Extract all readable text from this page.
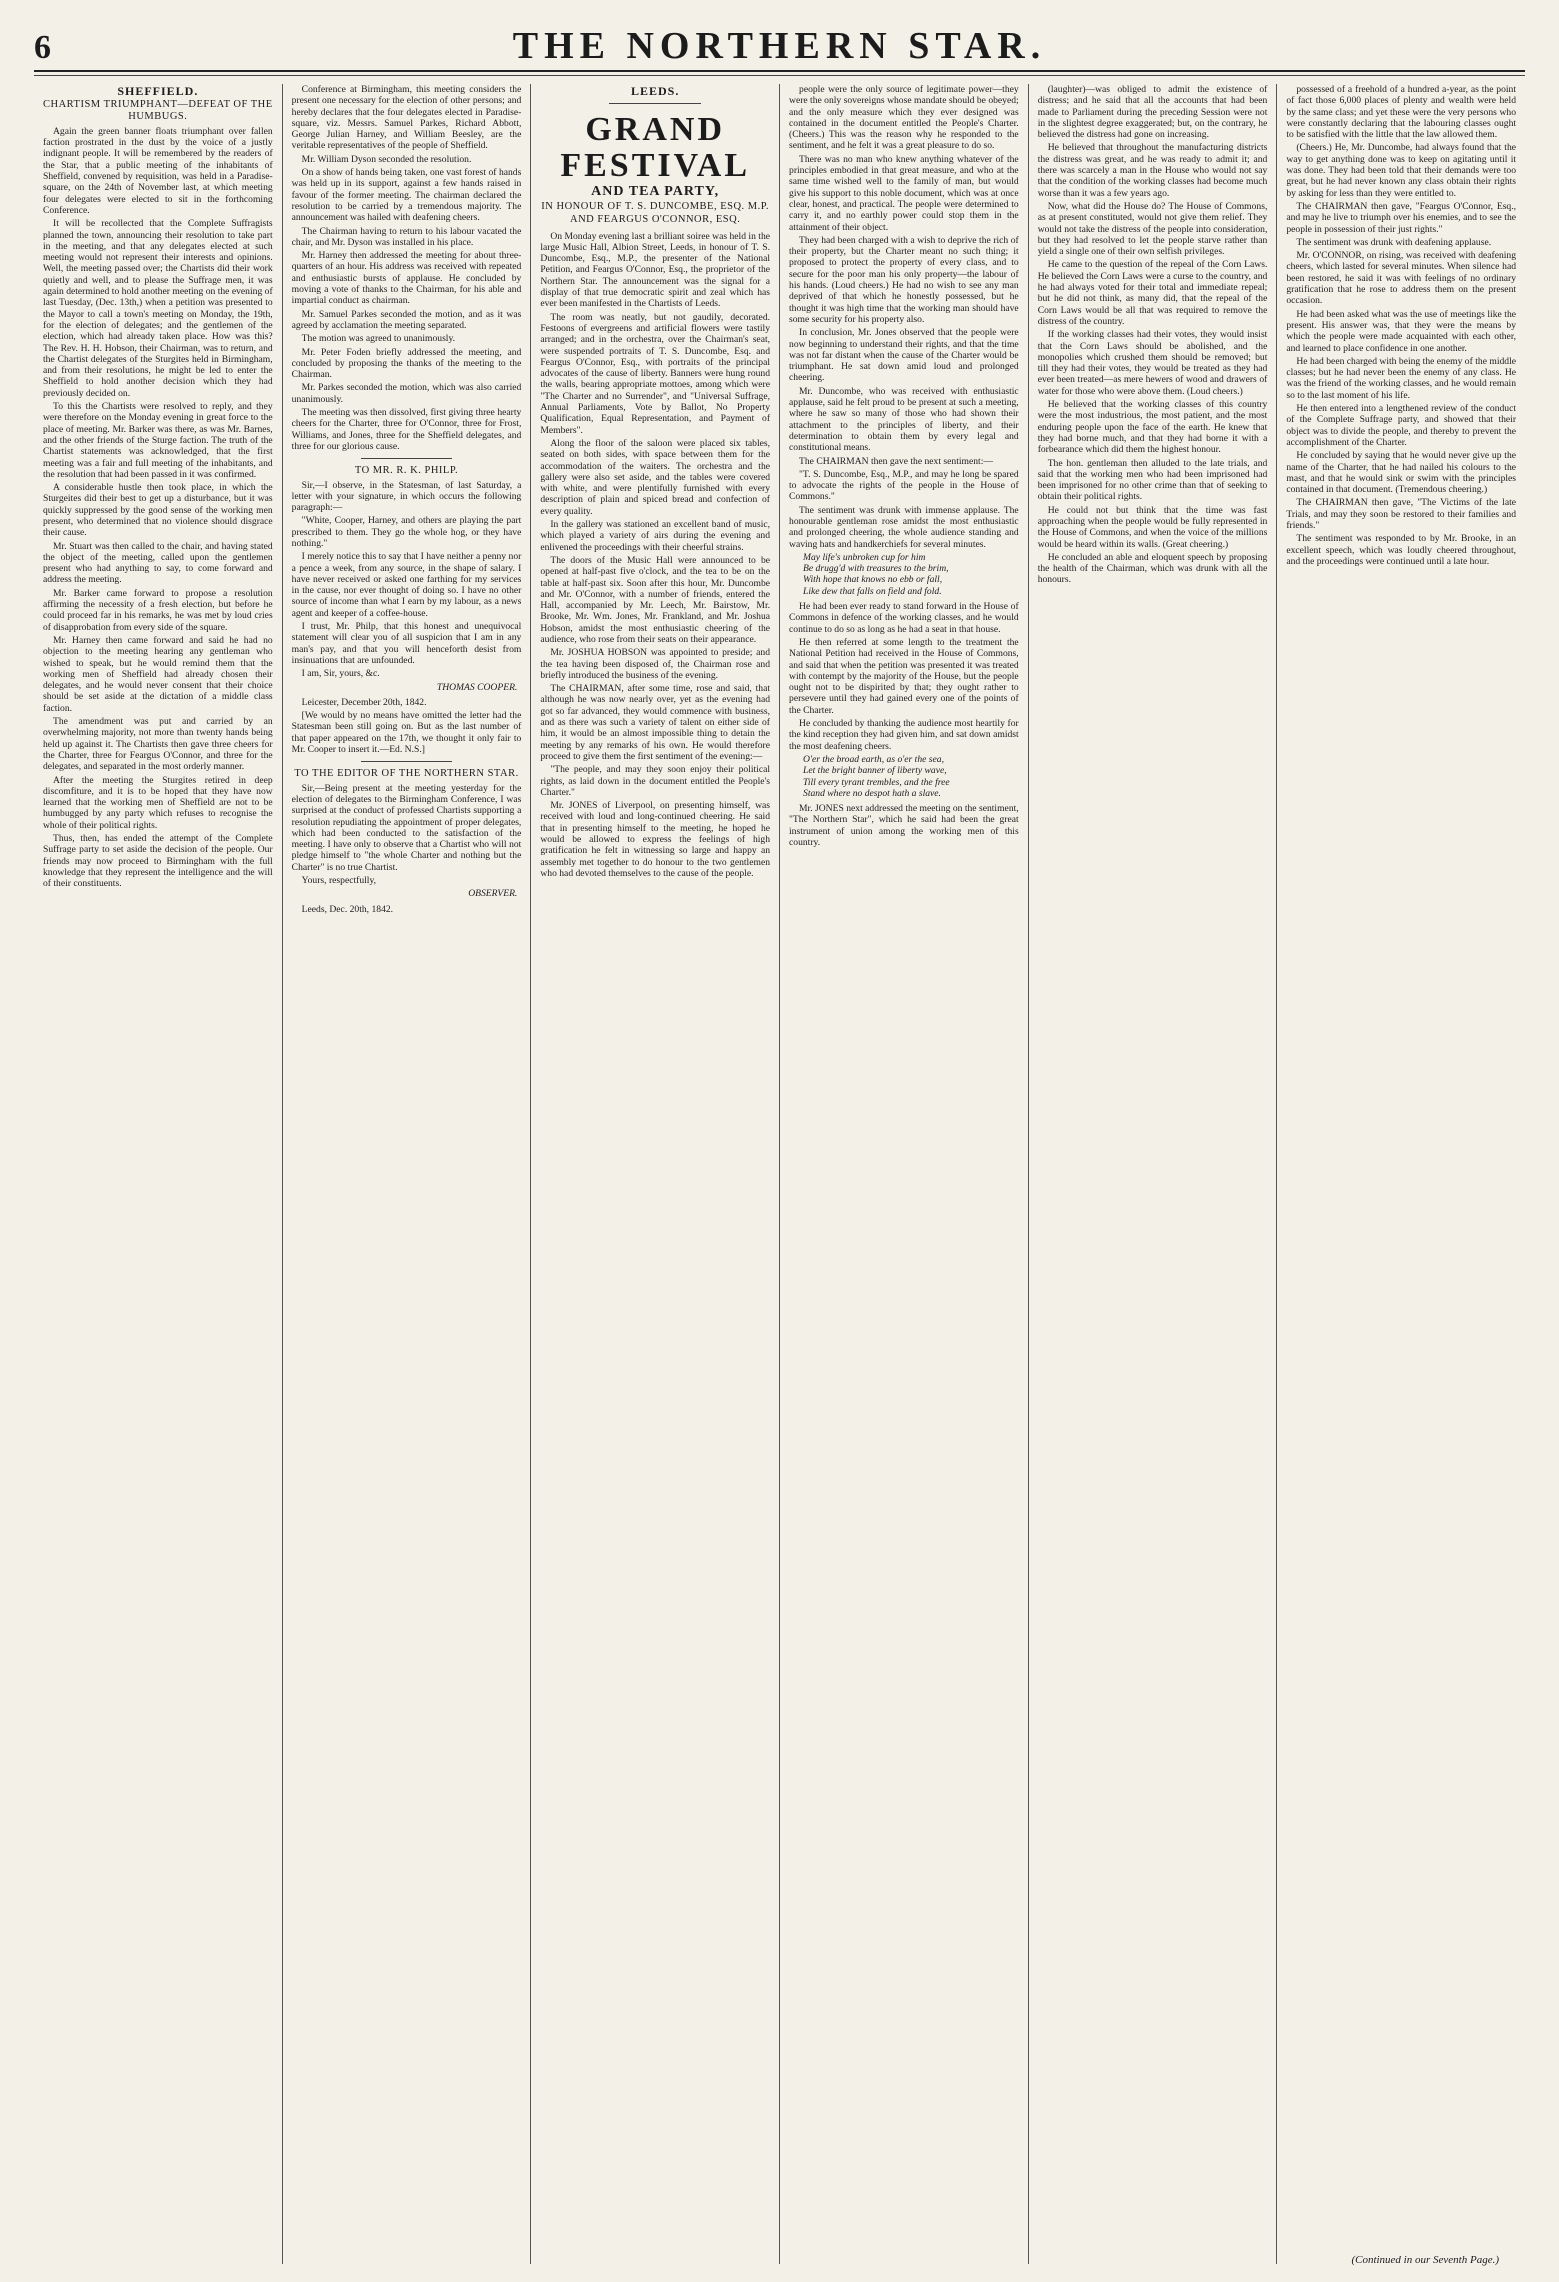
6	THE NORTHERN STAR.
SHEFFIELD.
CHARTISM TRIUMPHANT—DEFEAT OF THE HUMBUGS.

Again the green banner floats triumphant over fallen faction prostrated in the dust by the voice of a justly indignant people. It will be remembered by the readers of the Star, that a public meeting of the inhabitants of Sheffield, convened by requisition, was held in a Paradise-square, on the 24th of November last, at which meeting four delegates were elected to sit in the forthcoming Conference.

It will be recollected that the Complete Suffragists planned the town, announcing their resolution to take part in the meeting, and that any delegates elected at such meeting would not represent their interests and opinions. Well, the meeting passed over; the Chartists did their work quietly and well, and to please the Suffrage men, it was again determined to hold another meeting on the evening of last Tuesday, (Dec. 13th,) when a petition was presented to the Mayor to call a town's meeting on Monday, the 19th, for the election of delegates; and the gentlemen of the election, which had already taken place. How was this? The Rev. H. H. Hobson, their Chairman, was to return, and the Chartist delegates of the Sturgites held in Birmingham, and from their resolutions, he might be led to enter the Sheffield to hold another decision which they had previously decided on.

To this the Chartists were resolved to reply, and they were therefore on the Monday evening in great force to the place of meeting. Mr. Barker was there, as was Mr. Barnes, and the other friends of the Sturge faction. The truth of the Chartist statements was acknowledged, that the first meeting was a fair and full meeting of the inhabitants, and the resolution that had been passed in it was confirmed.

A considerable hustle then took place, in which the Sturgeites did their best to get up a disturbance, but it was quickly suppressed by the good sense of the working men present, who determined that no violence should disgrace their cause.

Mr. Stuart was then called to the chair, and having stated the object of the meeting, called upon the gentlemen present who had anything to say, to come forward and address the meeting.

Mr. Barker came forward to propose a resolution affirming the necessity of a fresh election, but before he could proceed far in his remarks, he was met by loud cries of disapprobation from every side of the square.

Mr. Harney then came forward and said he had no objection to the meeting hearing any gentleman who wished to speak, but he would remind them that the working men of Sheffield had already chosen their delegates, and he would never consent that their choice should be set aside at the dictation of a middle class faction.

The amendment was put and carried by an overwhelming majority, not more than twenty hands being held up against it. The Chartists then gave three cheers for the Charter, three for Feargus O'Connor, and three for the delegates, and separated in the most orderly manner.

After the meeting the Sturgites retired in deep discomfiture, and it is to be hoped that they have now learned that the working men of Sheffield are not to be humbugged by any party which refuses to recognise the whole of their political rights.

Thus, then, has ended the attempt of the Complete Suffrage party to set aside the decision of the people. Our friends may now proceed to Birmingham with the full knowledge that they represent the intelligence and the will of their constituents.

Conference at Birmingham, this meeting considers the present one necessary for the election of other persons; and hereby declares that the four delegates elected in Paradise-square, viz. Messrs. Samuel Parkes, Richard Abbott, George Julian Harney, and William Beesley, are the veritable representatives of the people of Sheffield.

Mr. William Dyson seconded the resolution.

On a show of hands being taken, one vast forest of hands was held up in its support, against a few hands raised in favour of the former meeting. The chairman declared the resolution to be carried by a tremendous majority. The announcement was hailed with deafening cheers.

The Chairman having to return to his labour vacated the chair, and Mr. Dyson was installed in his place.

Mr. Harney then addressed the meeting for about three-quarters of an hour. His address was received with repeated and enthusiastic bursts of applause. He concluded by moving a vote of thanks to the Chairman, for his able and impartial conduct as chairman.

Mr. Samuel Parkes seconded the motion, and as it was agreed by acclamation the meeting separated.

The motion was agreed to unanimously.

Mr. Peter Foden briefly addressed the meeting, and concluded by proposing the thanks of the meeting to the Chairman.

Mr. Parkes seconded the motion, which was also carried unanimously.

The meeting was then dissolved, first giving three hearty cheers for the Charter, three for O'Connor, three for Frost, Williams, and Jones, three for the Sheffield delegates, and three for our glorious cause.

TO MR. R. K. PHILP.

Sir,—I observe, in the Statesman, of last Saturday, a letter with your signature, in which occurs the following paragraph:—

"White, Cooper, Harney, and others are playing the part prescribed to them. They go the whole hog, or they have nothing."

I merely notice this to say that I have neither a penny nor a pence a week, from any source, in the shape of salary. I have never received or asked one farthing for my services in the cause, nor ever thought of doing so. I have no other source of income than what I earn by my labour, as a news agent and keeper of a coffee-house.

I trust, Mr. Philp, that this honest and unequivocal statement will clear you of all suspicion that I am in any man's pay, and that you will henceforth desist from insinuations that are unfounded.

I am, Sir, yours, &c.

THOMAS COOPER.

Leicester, December 20th, 1842.

[We would by no means have omitted the letter had the Statesman been still going on. But as the last number of that paper appeared on the 17th, we thought it only fair to Mr. Cooper to insert it.—Ed. N.S.]

TO THE EDITOR OF THE NORTHERN STAR.

Sir,—Being present at the meeting yesterday for the election of delegates to the Birmingham Conference, I was surprised at the conduct of professed Chartists supporting a resolution repudiating the appointment of proper delegates, which had been conducted to the satisfaction of the meeting. I have only to observe that a Chartist who will not pledge himself to "the whole Charter and nothing but the Charter" is no true Chartist.

Yours, respectfully,

OBSERVER.

Leeds, Dec. 20th, 1842.

LEEDS.
GRAND FESTIVAL
AND TEA PARTY,
IN HONOUR OF T. S. DUNCOMBE, ESQ. M.P. AND FEARGUS O'CONNOR, ESQ.

On Monday evening last a brilliant soiree was held in the large Music Hall, Albion Street, Leeds, in honour of T. S. Duncombe, Esq., M.P., the presenter of the National Petition, and Feargus O'Connor, Esq., the proprietor of the Northern Star. The announcement was the signal for a display of that true democratic spirit and zeal which has ever been manifested in the Chartists of Leeds.

The room was neatly, but not gaudily, decorated. Festoons of evergreens and artificial flowers were tastily arranged; and in the orchestra, over the Chairman's seat, were suspended portraits of T. S. Duncombe, Esq. and Feargus O'Connor, Esq., with portraits of the principal advocates of the cause of liberty. Banners were hung round the walls, bearing appropriate mottoes, among which were "The Charter and no Surrender", and "Universal Suffrage, Annual Parliaments, Vote by Ballot, No Property Qualification, Equal Representation, and Payment of Members".

Along the floor of the saloon were placed six tables, seated on both sides, with space between them for the accommodation of the waiters. The orchestra and the gallery were also set aside, and the tables were covered with white, and were plentifully furnished with every description of plain and spiced bread and confection of every quality.

In the gallery was stationed an excellent band of music, which played a variety of airs during the evening and enlivened the proceedings with their cheerful strains.

The doors of the Music Hall were announced to be opened at half-past five o'clock, and the tea to be on the table at half-past six. Soon after this hour, Mr. Duncombe and Mr. O'Connor, with a number of friends, entered the Hall, accompanied by Mr. Leech, Mr. Bairstow, Mr. Brooke, Mr. Wm. Jones, Mr. Frankland, and Mr. Joshua Hobson, amidst the most enthusiastic cheering of the audience, who rose from their seats on their appearance.

Mr. JOSHUA HOBSON was appointed to preside; and the tea having been disposed of, the Chairman rose and briefly introduced the business of the evening.

The CHAIRMAN, after some time, rose and said, that although he was now nearly over, yet as the evening had got so far advanced, they would commence with business, and as there was such a variety of talent on either side of him, it would be an almost impossible thing to detain the meeting by any remarks of his own. He would therefore proceed to give them the first sentiment of the evening:—

"The people, and may they soon enjoy their political rights, as laid down in the document entitled the People's Charter."

Mr. JONES of Liverpool, on presenting himself, was received with loud and long-continued cheering. He said that in presenting himself to the meeting, he hoped he would be allowed to express the feelings of high gratification he felt in witnessing so large and happy an assembly met together to do honour to the two gentlemen who had devoted themselves to the cause of the people.

people were the only source of legitimate power—they were the only sovereigns whose mandate should be obeyed; and the only measure which they ever designed was contained in the document entitled the People's Charter. (Cheers.) This was the reason why he responded to the sentiment, and he felt it was a great pleasure to do so.

There was no man who knew anything whatever of the principles embodied in that great measure, and who at the same time wished well to the family of man, but would give his support to this noble document, which was at once clear, honest, and practical. The people were determined to carry it, and no earthly power could stop them in the attainment of their object.

They had been charged with a wish to deprive the rich of their property, but the Charter meant no such thing; it proposed to protect the property of every class, and to secure for the poor man his only property—the labour of his hands. (Loud cheers.) He had no wish to see any man deprived of that which he honestly possessed, but he thought it was high time that the working man should have some security for his property also.

In conclusion, Mr. Jones observed that the people were now beginning to understand their rights, and that the time was not far distant when the cause of the Charter would be triumphant. He sat down amid loud and prolonged cheering.

Mr. Duncombe, who was received with enthusiastic applause, said he felt proud to be present at such a meeting, where he saw so many of those who had shown their attachment to the principles of liberty, and their determination to obtain them by every legal and constitutional means.

The CHAIRMAN then gave the next sentiment:—

"T. S. Duncombe, Esq., M.P., and may he long be spared to advocate the rights of the people in the House of Commons."

The sentiment was drunk with immense applause. The honourable gentleman rose amidst the most enthusiastic and prolonged cheering, the whole audience standing and waving hats and handkerchiefs for several minutes.

May life's unbroken cup for him
Be drugg'd with treasures to the brim,
With hope that knows no ebb or fall,
Like dew that falls on field and fold.

He had been ever ready to stand forward in the House of Commons in defence of the working classes, and he would continue to do so as long as he had a seat in that house.

He then referred at some length to the treatment the National Petition had received in the House of Commons, and said that when the petition was presented it was treated with contempt by the majority of the House, but the people ought not to be dispirited by that; they ought rather to persevere until they had gained every one of the points of the Charter.

He concluded by thanking the audience most heartily for the kind reception they had given him, and sat down amidst the most deafening cheers.

O'er the broad earth, as o'er the sea,
Let the bright banner of liberty wave,
Till every tyrant trembles, and the free
Stand where no despot hath a slave.

Mr. JONES next addressed the meeting on the sentiment, "The Northern Star", which he said had been the great instrument of union among the working men of this country.

(laughter)—was obliged to admit the existence of distress; and he said that all the accounts that had been made to Parliament during the preceding Session were not in the slightest degree exaggerated; but, on the contrary, he believed the distress had gone on increasing.

He believed that throughout the manufacturing districts the distress was great, and he was ready to admit it; and there was scarcely a man in the House who would not say that the condition of the working classes had become much worse than it was a few years ago.

Now, what did the House do? The House of Commons, as at present constituted, would not give them relief. They would not take the distress of the people into consideration, but they had resolved to let the people starve rather than yield a single one of their own selfish privileges.

He came to the question of the repeal of the Corn Laws. He believed the Corn Laws were a curse to the country, and he had always voted for their total and immediate repeal; but he did not think, as many did, that the repeal of the Corn Laws would be all that was required to remove the distress of the country.

If the working classes had their votes, they would insist that the Corn Laws should be abolished, and the monopolies which crushed them should be removed; but till they had their votes, they would be treated as they had ever been treated—as mere hewers of wood and drawers of water for those who were above them. (Loud cheers.)

He believed that the working classes of this country were the most industrious, the most patient, and the most enduring people upon the face of the earth. He knew that they had borne much, and that they had borne it with a forbearance which did them the highest honour.

The hon. gentleman then alluded to the late trials, and said that the working men who had been imprisoned had been imprisoned for no other crime than that of seeking to obtain their political rights.

He could not but think that the time was fast approaching when the people would be fully represented in the House of Commons, and when the voice of the millions would be heard within its walls. (Great cheering.)

He concluded an able and eloquent speech by proposing the health of the Chairman, which was drunk with all the honours.

possessed of a freehold of a hundred a-year, as the point of fact those 6,000 places of plenty and wealth were held by the same class; and yet these were the very persons who were constantly declaring that the labouring classes ought to be satisfied with the little that the law allowed them.

(Cheers.) He, Mr. Duncombe, had always found that the way to get anything done was to keep on agitating until it was done. They had been told that their demands were too great, but he had never known any class obtain their rights by asking for less than they were entitled to.

The CHAIRMAN then gave, "Feargus O'Connor, Esq., and may he live to triumph over his enemies, and to see the people in possession of their just rights."

The sentiment was drunk with deafening applause.

Mr. O'CONNOR, on rising, was received with deafening cheers, which lasted for several minutes. When silence had been restored, he said it was with feelings of no ordinary gratification that he rose to address them on the present occasion.

He had been asked what was the use of meetings like the present. His answer was, that they were the means by which the people were made acquainted with each other, and learned to place confidence in one another.

He had been charged with being the enemy of the middle classes; but he had never been the enemy of any class. He was the friend of the working classes, and he would remain so to the last moment of his life.

He then entered into a lengthened review of the conduct of the Complete Suffrage party, and showed that their object was to divide the people, and thereby to prevent the accomplishment of the Charter.

He concluded by saying that he would never give up the name of the Charter, that he had nailed his colours to the mast, and that he would sink or swim with the principles contained in that document. (Tremendous cheering.)

The CHAIRMAN then gave, "The Victims of the late Trials, and may they soon be restored to their families and friends."

The sentiment was responded to by Mr. Brooke, in an excellent speech, which was loudly cheered throughout, and the proceedings were continued until a late hour.

(Continued in our Seventh Page.)
